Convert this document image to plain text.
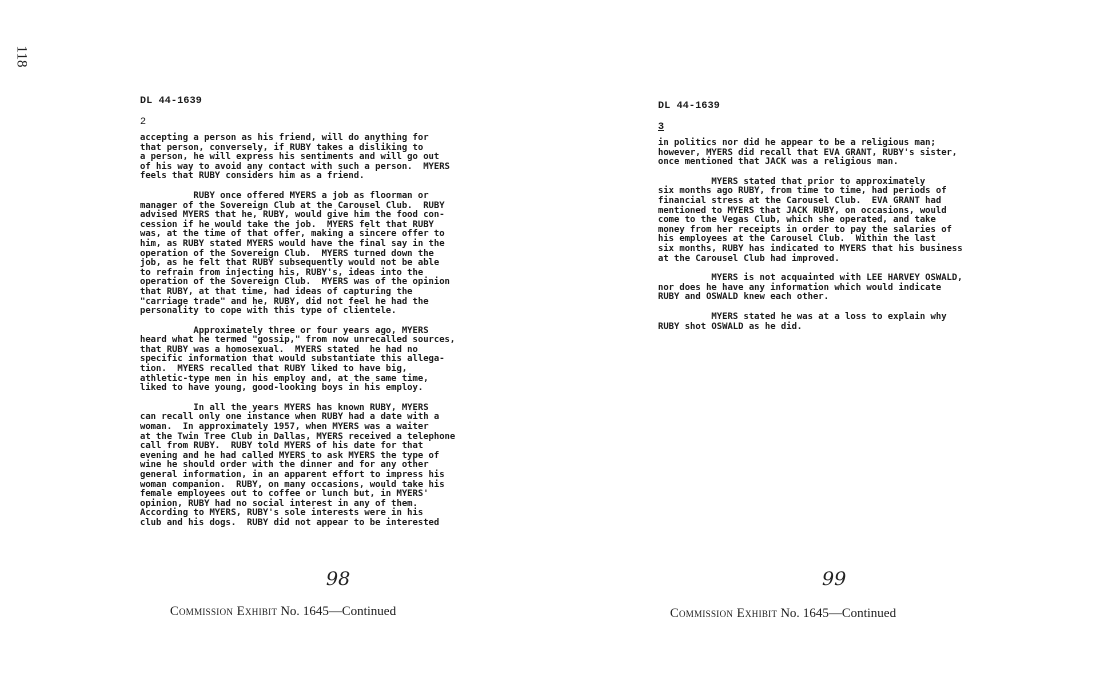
118
DL 44-1639
2
accepting a person as his friend, will do anything for
that person, conversely, if RUBY takes a disliking to
a person, he will express his sentiments and will go out
of his way to avoid any contact with such a person.  MYERS
feels that RUBY considers him as a friend.
RUBY once offered MYERS a job as floorman or
manager of the Sovereign Club at the Carousel Club.  RUBY
advised MYERS that he, RUBY, would give him the food con-
cession if he would take the job.  MYERS felt that RUBY
was, at the time of that offer, making a sincere offer to
him, as RUBY stated MYERS would have the final say in the
operation of the Sovereign Club.  MYERS turned down the
job, as he felt that RUBY subsequently would not be able
to refrain from injecting his, RUBY's, ideas into the
operation of the Sovereign Club.  MYERS was of the opinion
that RUBY, at that time, had ideas of capturing the
"carriage trade" and he, RUBY, did not feel he had the
personality to cope with this type of clientele.
Approximately three or four years ago, MYERS
heard what he termed "gossip," from now unrecalled sources,
that RUBY was a homosexual.  MYERS stated  he had no
specific information that would substantiate this allega-
tion.  MYERS recalled that RUBY liked to have big,
athletic-type men in his employ and, at the same time,
liked to have young, good-looking boys in his employ.
In all the years MYERS has known RUBY, MYERS
can recall only one instance when RUBY had a date with a
woman.  In approximately 1957, when MYERS was a waiter
at the Twin Tree Club in Dallas, MYERS received a telephone
call from RUBY.  RUBY told MYERS of his date for that
evening and he had called MYERS to ask MYERS the type of
wine he should order with the dinner and for any other
general information, in an apparent effort to impress his
woman companion.  RUBY, on many occasions, would take his
female employees out to coffee or lunch but, in MYERS'
opinion, RUBY had no social interest in any of them.
According to MYERS, RUBY's sole interests were in his
club and his dogs.  RUBY did not appear to be interested
98
Commission Exhibit No. 1645—Continued
DL 44-1639
3
in politics nor did he appear to be a religious man;
however, MYERS did recall that EVA GRANT, RUBY's sister,
once mentioned that JACK was a religious man.
MYERS stated that prior to approximately
six months ago RUBY, from time to time, had periods of
financial stress at the Carousel Club.  EVA GRANT had
mentioned to MYERS that JACK RUBY, on occasions, would
come to the Vegas Club, which she operated, and take
money from her receipts in order to pay the salaries of
his employees at the Carousel Club.  Within the last
six months, RUBY has indicated to MYERS that his business
at the Carousel Club had improved.
MYERS is not acquainted with LEE HARVEY OSWALD,
nor does he have any information which would indicate
RUBY and OSWALD knew each other.
MYERS stated he was at a loss to explain why
RUBY shot OSWALD as he did.
99
Commission Exhibit No. 1645—Continued
